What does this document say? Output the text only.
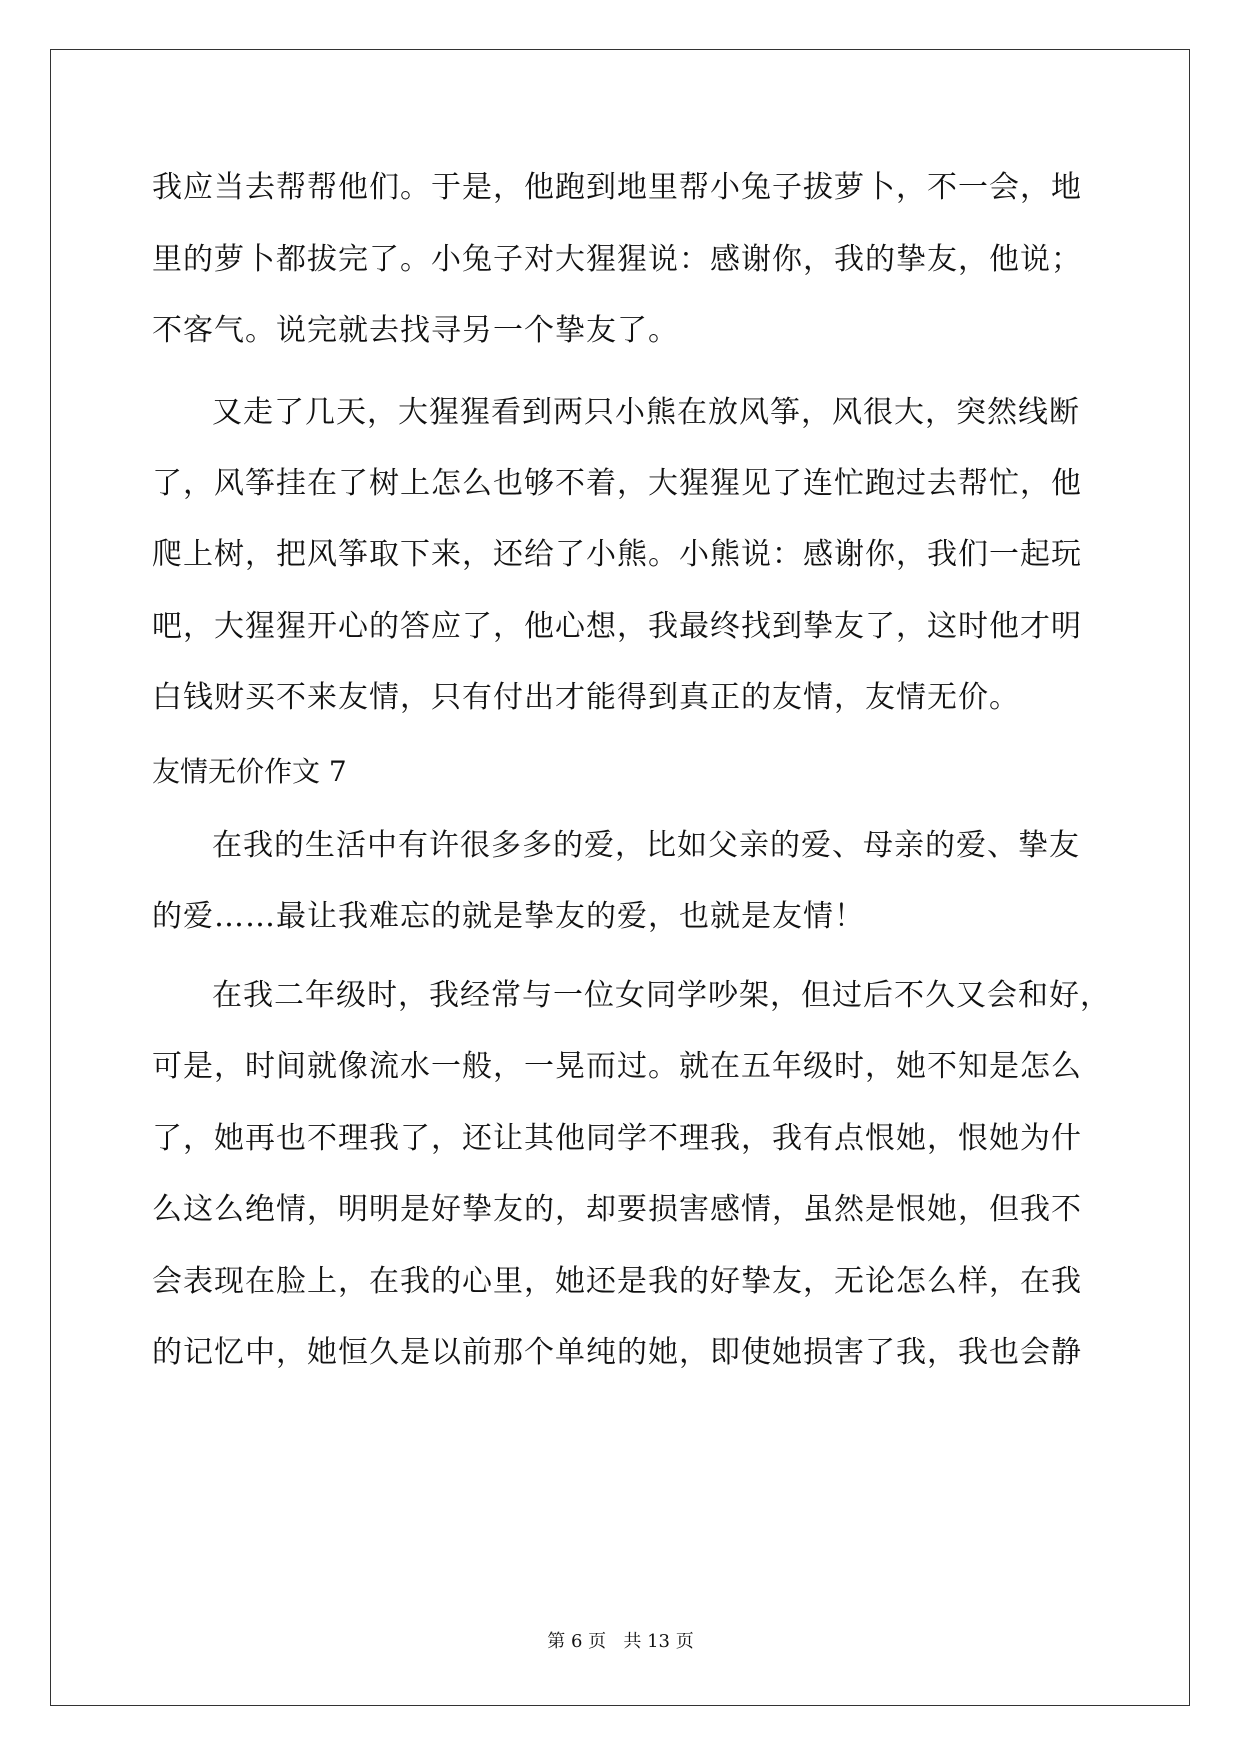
我应当去帮帮他们。于是，他跑到地里帮小兔子拔萝卜，不一会，地
里的萝卜都拔完了。小兔子对大猩猩说：感谢你，我的挚友，他说；
不客气。说完就去找寻另一个挚友了。
又走了几天，大猩猩看到两只小熊在放风筝，风很大，突然线断
了，风筝挂在了树上怎么也够不着，大猩猩见了连忙跑过去帮忙，他
爬上树，把风筝取下来，还给了小熊。小熊说：感谢你，我们一起玩
吧，大猩猩开心的答应了，他心想，我最终找到挚友了，这时他才明
白钱财买不来友情，只有付出才能得到真正的友情，友情无价。
友情无价作文 7
在我的生活中有许很多多的爱，比如父亲的爱、母亲的爱、挚友
的爱……最让我难忘的就是挚友的爱，也就是友情！
在我二年级时，我经常与一位女同学吵架，但过后不久又会和好，
可是，时间就像流水一般，一晃而过。就在五年级时，她不知是怎么
了，她再也不理我了，还让其他同学不理我，我有点恨她，恨她为什
么这么绝情，明明是好挚友的，却要损害感情，虽然是恨她，但我不
会表现在脸上，在我的心里，她还是我的好挚友，无论怎么样，在我
的记忆中，她恒久是以前那个单纯的她，即使她损害了我，我也会静
第 6 页   共 13 页
